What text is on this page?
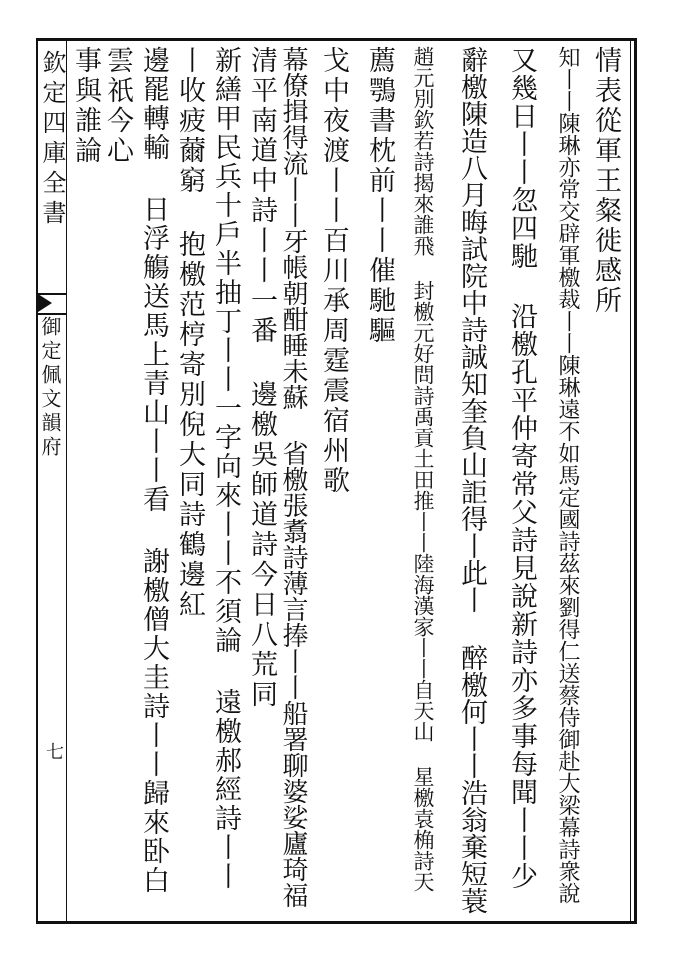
欽定四庫全書
御定佩文韻府
七
情表從軍王粲徙感所
知丨丨陳琳亦常交辟軍檄裁丨丨陳琳遠不如馬定國詩茲來劉得仁送蔡侍御赴大梁幕詩衆說
又幾日丨丨忽四馳 沿檄孔平仲寄常父詩見說新詩亦多事每聞丨丨少
辭檄陳造八月晦試院中詩誠知奎負山詎得丨此丨 醉檄何丨丨浩翁棄短蓑
趙元別欽若詩揭來誰飛 封檄元好問詩禹貢土田推丨丨陸海漢家丨丨自天山 星檄袁桷詩天
薦鶚書枕前丨丨催馳驅
戈中夜渡丨丨百川承周霆震宿州歌
幕僚揖得流丨丨牙帳朝酣睡未蘇 省檄張翥詩薄言捧丨丨船署聊婆娑廬琦福
清平南道中詩丨丨一番 邊檄吳師道詩今日八荒同
新繕甲民兵十戶半抽丁丨丨一字向來丨丨不須論 遠檄郝經詩丨丨
丨收疲薾窮 抱檄范梈寄別倪大同詩鶴邊紅
邊罷轉輸 日浮觴送馬上青山丨丨看 謝檄僧大圭詩丨丨歸來卧白
雲祇今心
事與誰論
